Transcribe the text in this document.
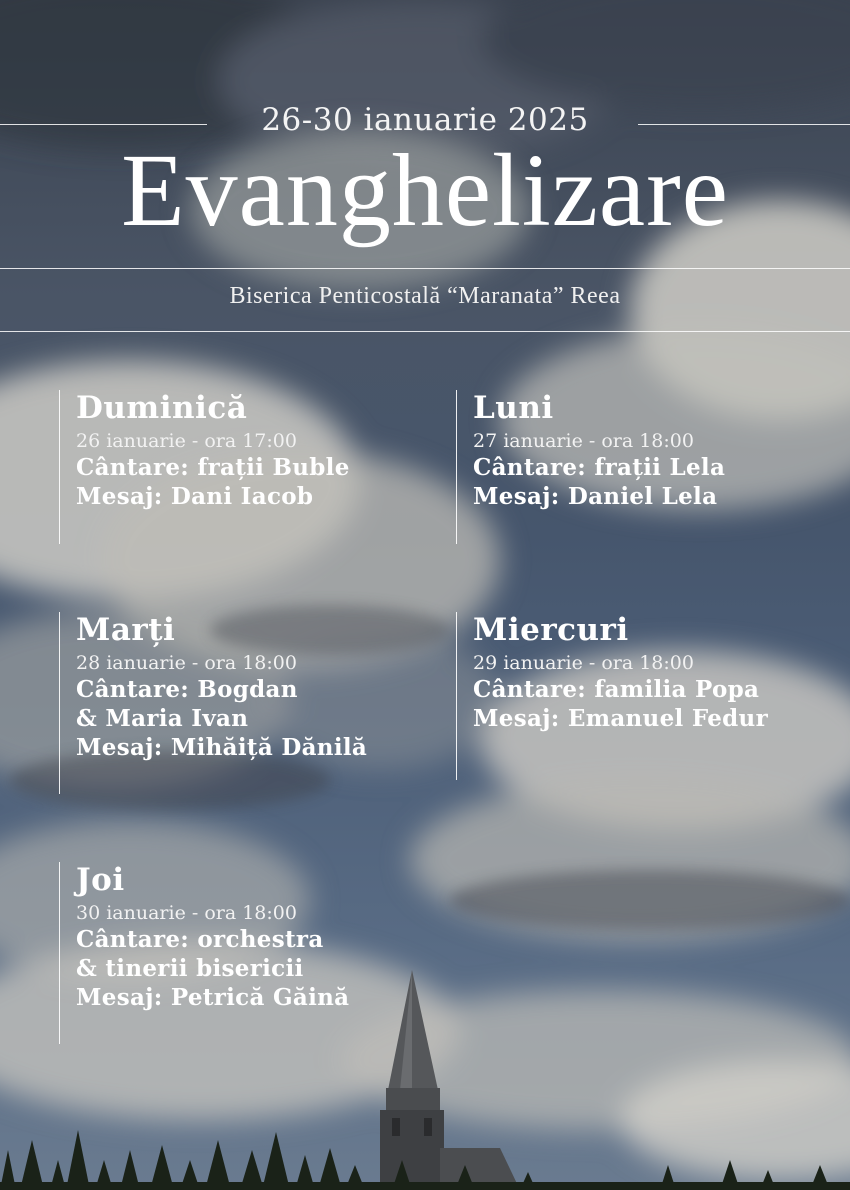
26-30 ianuarie 2025
Evanghelizare
Biserica Penticostală “Maranata” Reea
Duminică
26 ianuarie - ora 17:00
Cântare: frații Buble
Mesaj: Dani Iacob
Luni
27 ianuarie - ora 18:00
Cântare: frații Lela
Mesaj: Daniel Lela
Marți
28 ianuarie - ora 18:00
Cântare: Bogdan
& Maria Ivan
Mesaj: Mihăiță Dănilă
Miercuri
29 ianuarie - ora 18:00
Cântare: familia Popa
Mesaj: Emanuel Fedur
Joi
30 ianuarie - ora 18:00
Cântare: orchestra
& tinerii bisericii
Mesaj: Petrică Găină
